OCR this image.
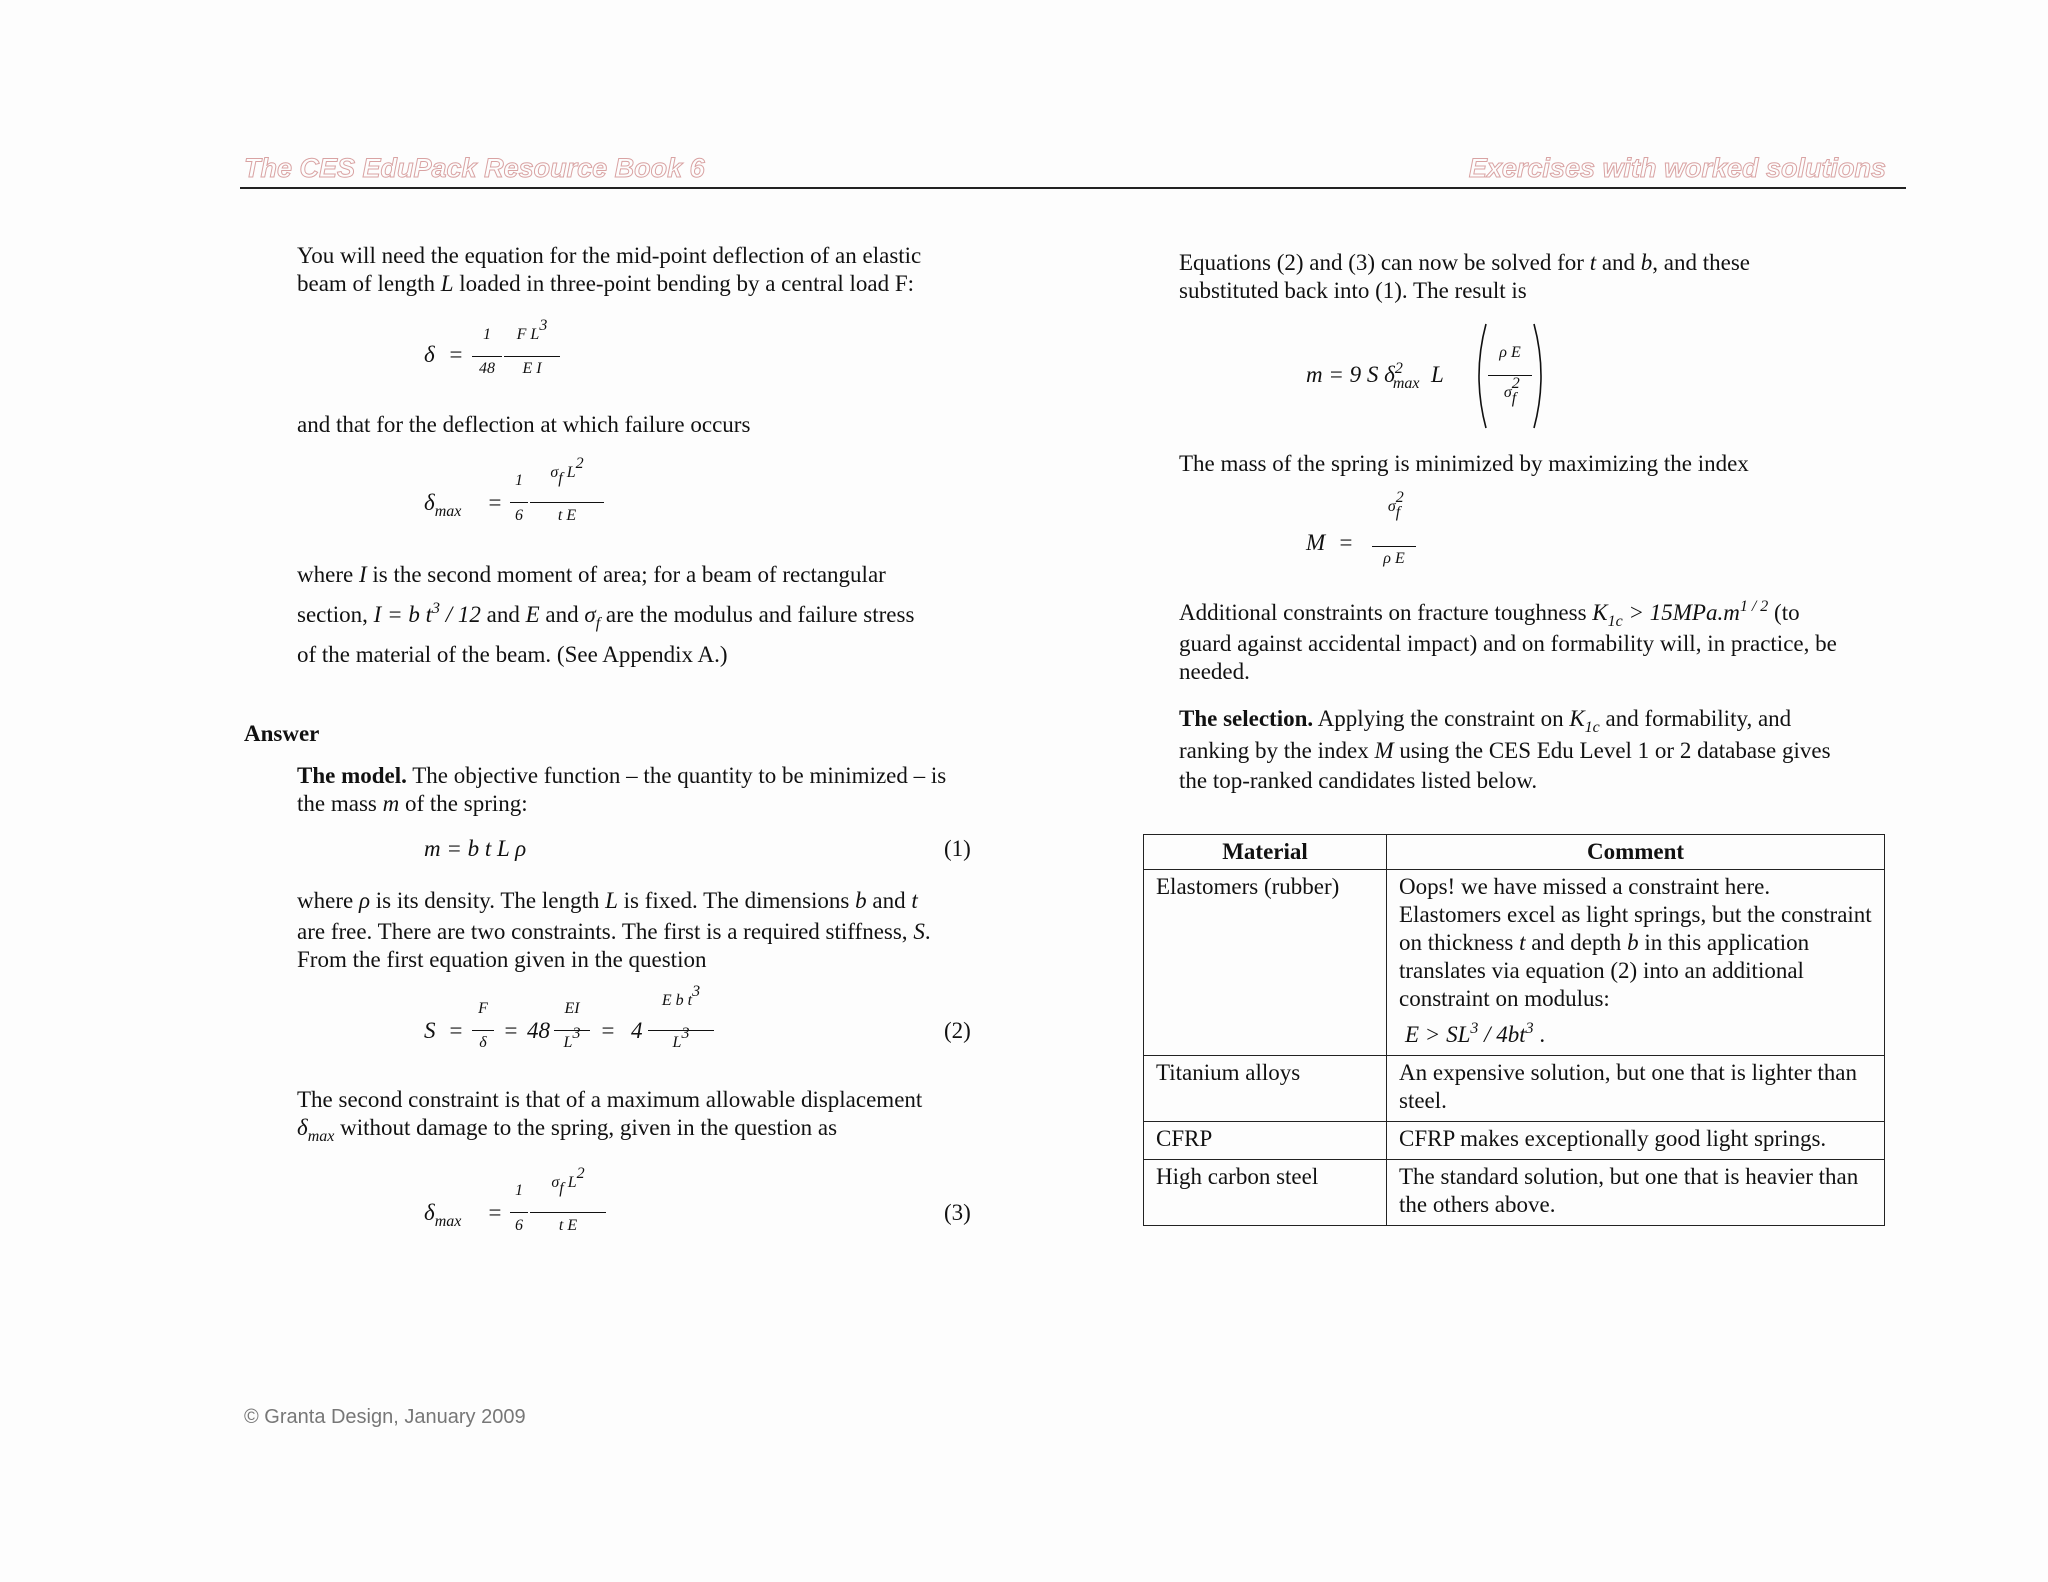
The CES EduPack Resource Book 6	Exercises with worked solutions

You will need the equation for the mid-point deflection of an elastic

beam of length L loaded in three-point bending by a central load F:

δ =
1
48
F $L^3$
E I
and that for the deflection at which failure occurs
$\delta_{max}$ =
1
6
$\sigma_f$ $L^2$
t E

where I is the second moment of area; for a beam of rectangular

section, I = b $t^3 / 12$ and E and $\sigma_f$ are the modulus and failure stress

of the material of the beam. (See Appendix A.)

Answer

The model. The objective function – the quantity to be minimized – is

the mass m of the spring:

m = b t L ρ	(1)

where ρ is its density. The length L is fixed. The dimensions b and t

are free. There are two constraints. The first is a required stiffness, S.

From the first equation given in the question

S =
F
δ = 48
EI
$L^3 = 4$
E b $t^3$
$L^3$	(2)

The second constraint is that of a maximum allowable displacement

$\delta_{max}$ without damage to the spring, given in the question as

$\delta_{max}$ =
1
6
$\sigma_f$ $L^2$
t E
(3)

Equations (2) and (3) can now be solved for t and b, and these

substituted back into (1). The result is

m = 9 S $\delta^2_{max}$ L
ρ E
$\sigma^2_f$
The mass of the spring is minimized by maximizing the index
M =
$\sigma^2_f$
ρ E

Additional constraints on fracture toughness $K_{1c} > 15MPa.m^{1 / 2}$ (to

guard against accidental impact) and on formability will, in practice, be

needed.

The selection. Applying the constraint on $K_{1c}$ and formability, and

ranking by the index M using the CES Edu Level 1 or 2 database gives

the top-ranked candidates listed below.

Material	Comment
Elastomers (rubber)	Oops! we have missed a constraint here. Elastomers excel as light springs, but the constraint on thickness t and depth b in this application translates via equation (2) into an additional constraint on modulus:
$E > SL^3 / 4bt^3$ .

Titanium alloys	An expensive solution, but one that is lighter than steel.
CFRP	CFRP makes exceptionally good light springs.
High carbon steel	The standard solution, but one that is heavier than the others above.
© Granta Design, January 2009
